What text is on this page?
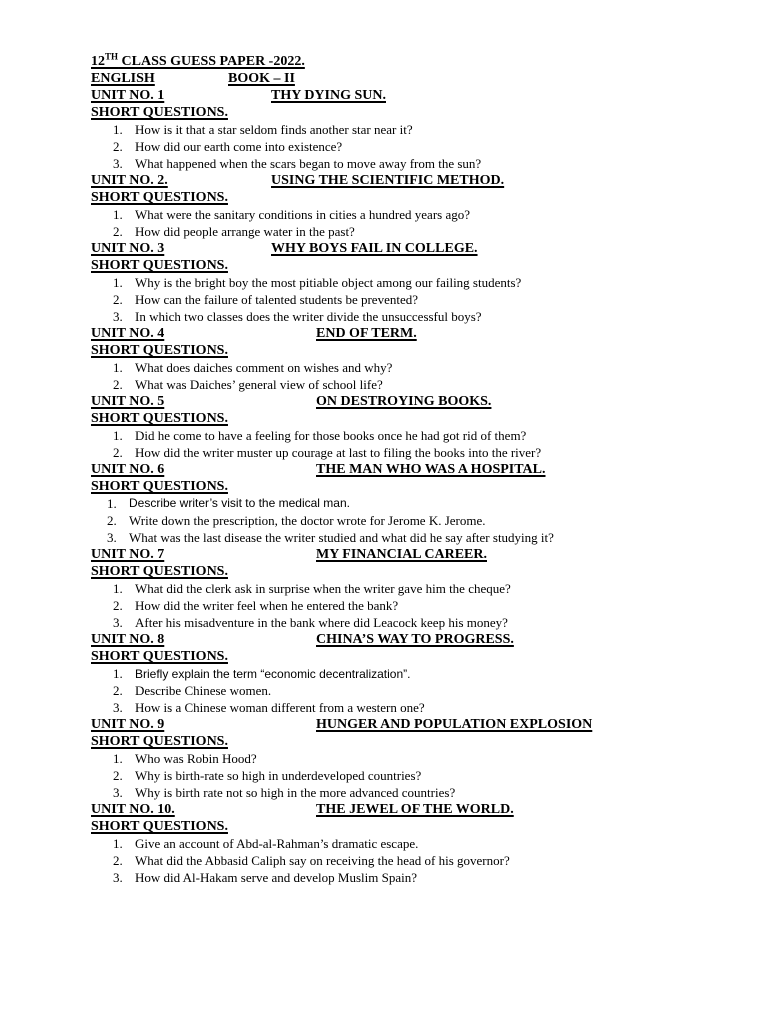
12TH CLASS GUESS PAPER -2022.
ENGLISH	BOOK – II
UNIT NO. 1	THY DYING SUN.
SHORT QUESTIONS.
1. How is it that a star seldom finds another star near it?
2. How did our earth come into existence?
3. What happened when the scars began to move away from the sun?
UNIT NO. 2.	USING THE SCIENTIFIC METHOD.
SHORT QUESTIONS.
1. What were the sanitary conditions in cities a hundred years ago?
2. How did people arrange water in the past?
UNIT NO. 3	WHY BOYS FAIL IN COLLEGE.
SHORT QUESTIONS.
1. Why is the bright boy the most pitiable object among our failing students?
2. How can the failure of talented students be prevented?
3. In which two classes does the writer divide the unsuccessful boys?
UNIT NO. 4	END OF TERM.
SHORT QUESTIONS.
1. What does daiches comment on wishes and why?
2. What was Daiches’ general view of school life?
UNIT NO. 5	ON DESTROYING BOOKS.
SHORT QUESTIONS.
1. Did he come to have a feeling for those books once he had got rid of them?
2. How did the writer muster up courage at last to filing the books into the river?
UNIT NO. 6	THE MAN WHO WAS A HOSPITAL.
SHORT QUESTIONS.
1. Describe writer’s visit to the medical man.
2. Write down the prescription, the doctor wrote for Jerome K. Jerome.
3. What was the last disease the writer studied and what did he say after studying it?
UNIT NO. 7	MY FINANCIAL CAREER.
SHORT QUESTIONS.
1. What did the clerk ask in surprise when the writer gave him the cheque?
2. How did the writer feel when he entered the bank?
3. After his misadventure in the bank where did Leacock keep his money?
UNIT NO. 8	CHINA’S WAY TO PROGRESS.
SHORT QUESTIONS.
1. Briefly explain the term “economic decentralization”.
2. Describe Chinese women.
3. How is a Chinese woman different from a western one?
UNIT NO. 9	HUNGER AND POPULATION EXPLOSION
SHORT QUESTIONS.
1. Who was Robin Hood?
2. Why is birth-rate so high in underdeveloped countries?
3. Why is birth rate not so high in the more advanced countries?
UNIT NO. 10.	THE JEWEL OF THE WORLD.
SHORT QUESTIONS.
1. Give an account of Abd-al-Rahman’s dramatic escape.
2. What did the Abbasid Caliph say on receiving the head of his governor?
3. How did Al-Hakam serve and develop Muslim Spain?
